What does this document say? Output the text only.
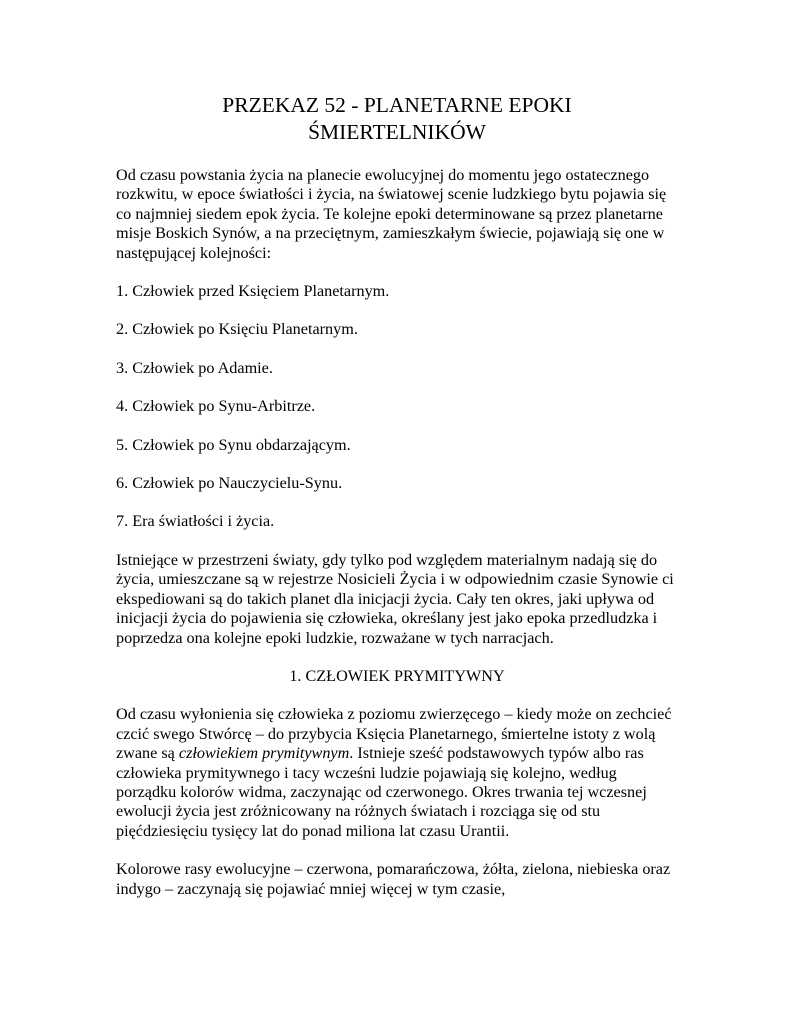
PRZEKAZ 52 - PLANETARNE EPOKI
ŚMIERTELNIKÓW

Od czasu powstania życia na planecie ewolucyjnej do momentu jego ostatecznego rozkwitu, w epoce światłości i życia, na światowej scenie ludzkiego bytu pojawia się co najmniej siedem epok życia. Te kolejne epoki determinowane są przez planetarne misje Boskich Synów, a na przeciętnym, zamieszkałym świecie, pojawiają się one w następującej kolejności:

1. Człowiek przed Księciem Planetarnym.

2. Człowiek po Księciu Planetarnym.

3. Człowiek po Adamie.

4. Człowiek po Synu-Arbitrze.

5. Człowiek po Synu obdarzającym.

6. Człowiek po Nauczycielu-Synu.

7. Era światłości i życia.

Istniejące w przestrzeni światy, gdy tylko pod względem materialnym nadają się do życia, umieszczane są w rejestrze Nosicieli Życia i w odpowiednim czasie Synowie ci ekspediowani są do takich planet dla inicjacji życia. Cały ten okres, jaki upływa od inicjacji życia do pojawienia się człowieka, określany jest jako epoka przedludzka i poprzedza ona kolejne epoki ludzkie, rozważane w tych narracjach.

1. CZŁOWIEK PRYMITYWNY

Od czasu wyłonienia się człowieka z poziomu zwierzęcego – kiedy może on zechcieć czcić swego Stwórcę – do przybycia Księcia Planetarnego, śmiertelne istoty z wolą zwane są człowiekiem prymitywnym. Istnieje sześć podstawowych typów albo ras człowieka prymitywnego i tacy wcześni ludzie pojawiają się kolejno, według porządku kolorów widma, zaczynając od czerwonego. Okres trwania tej wczesnej ewolucji życia jest zróżnicowany na różnych światach i rozciąga się od stu pięćdziesięciu tysięcy lat do ponad miliona lat czasu Urantii.

Kolorowe rasy ewolucyjne – czerwona, pomarańczowa, żółta, zielona, niebieska oraz indygo – zaczynają się pojawiać mniej więcej w tym czasie,
